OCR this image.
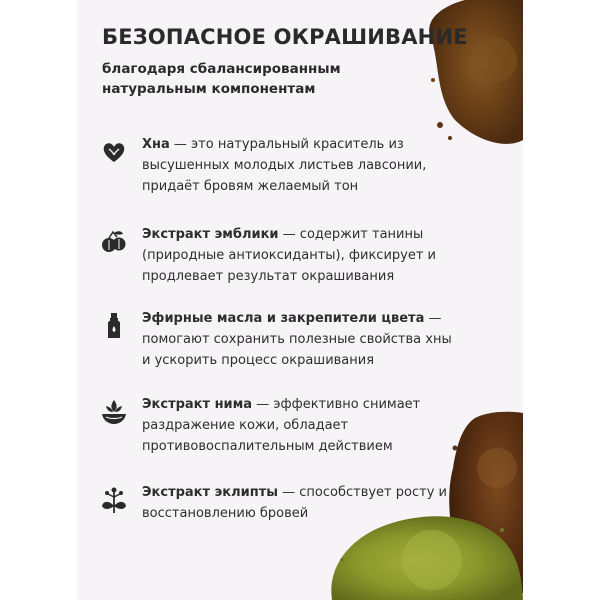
БЕЗОПАСНОЕ ОКРАШИВАНИЕ
благодаря сбалансированным натуральным компонентам
Хна — это натуральный краситель из высушенных молодых листьев лавсонии, придаёт бровям желаемый тон
Экстракт эмблики — содержит танины (природные антиоксиданты), фиксирует и продлевает результат окрашивания
Эфирные масла и закрепители цвета — помогают сохранить полезные свойства хны и ускорить процесс окрашивания
Экстракт нима — эффективно снимает раздражение кожи, обладает противовоспалительным действием
Экстракт эклипты — способствует росту и восстановлению бровей
